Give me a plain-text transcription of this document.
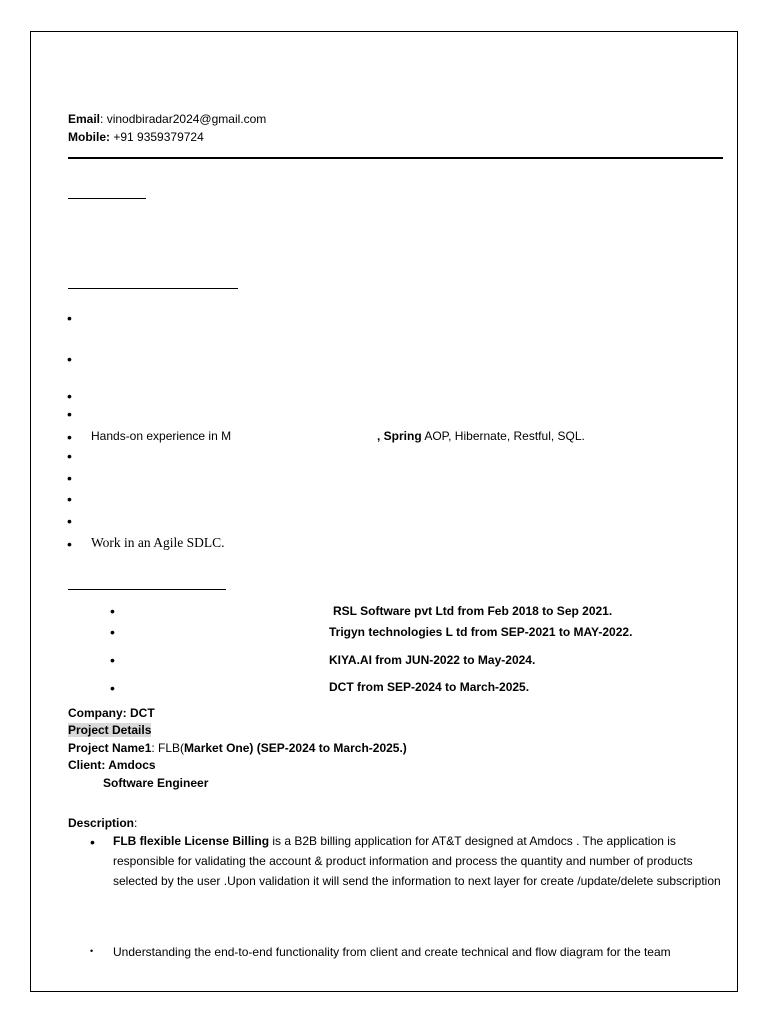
Email: vinodbiradar2024@gmail.com
Mobile: +91 9359379724
•
•
•
•
• Hands-on experience in M	, Spring AOP, Hibernate, Restful, SQL.
•
•
•
•
• Work in an Agile SDLC.
•	RSL Software pvt Ltd from Feb 2018 to Sep 2021.
•	Trigyn technologies L td from SEP-2021 to MAY-2022.
•	KIYA.AI from JUN-2022 to May-2024.
•	DCT from SEP-2024 to March-2025.
Company: DCT
Project Details
Project Name1: FLB(Market One) (SEP-2024 to March-2025.)
Client: Amdocs
Software Engineer
Description:
• FLB flexible License Billing is a B2B billing application for AT&T designed at Amdocs . The application is responsible for validating the account & product information and process the quantity and number of products selected by the user .Upon validation it will send the information to next layer for create /update/delete subscription
• Understanding the end-to-end functionality from client and create technical and flow diagram for the team
